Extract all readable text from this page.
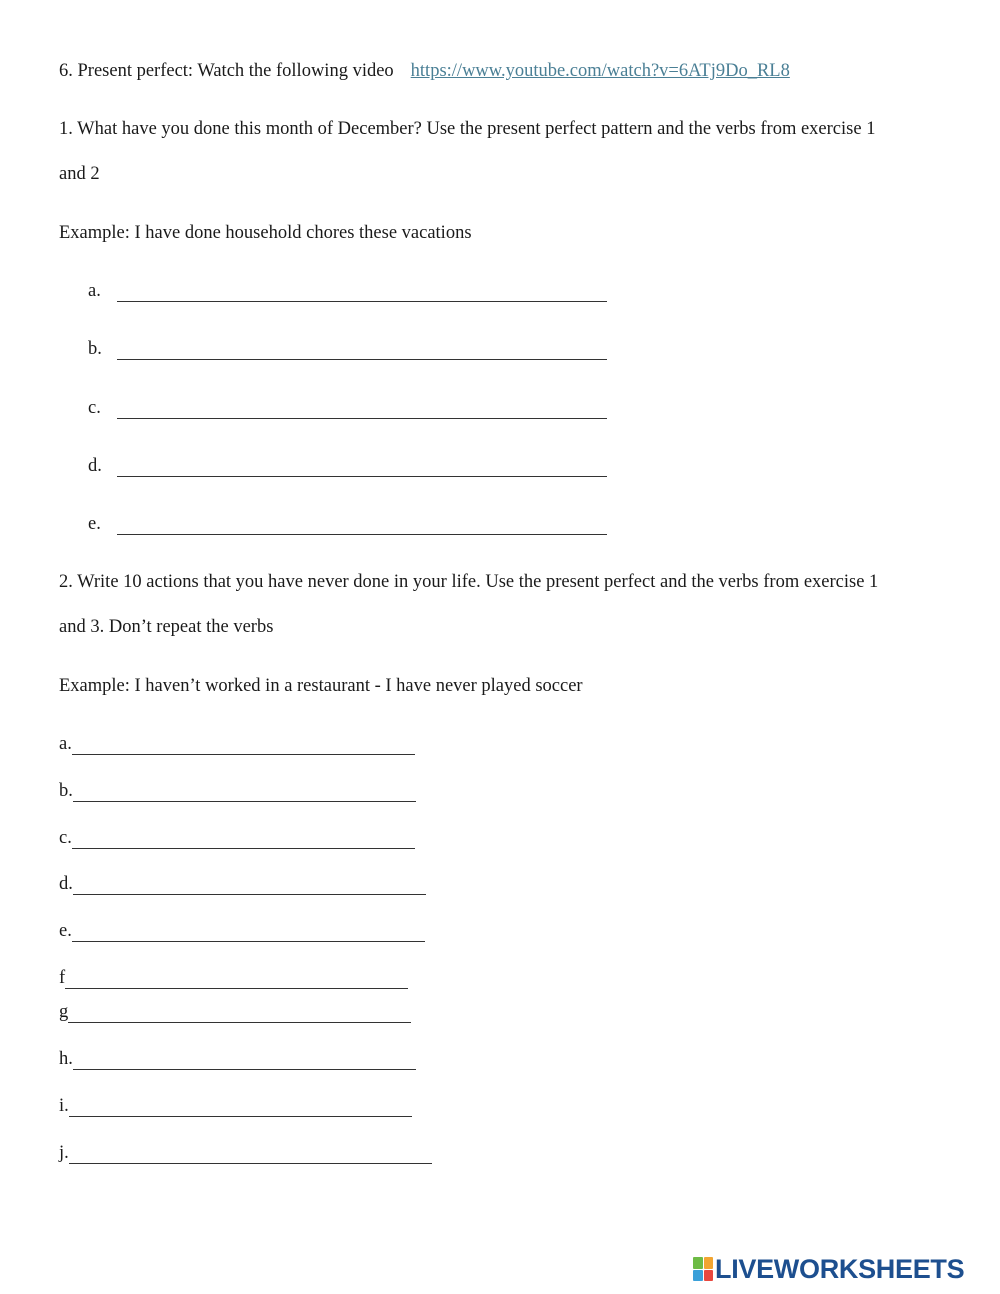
6. Present perfect: Watch the following video https://www.youtube.com/watch?v=6ATj9Do_RL8
1. What have you done this month of December? Use the present perfect pattern and the verbs from exercise 1
and 2
Example: I have done household chores these vacations
a.
b.
c.
d.
e.
2. Write 10 actions that you have never done in your life. Use the present perfect and the verbs from exercise 1
and 3. Don’t repeat the verbs
Example: I haven’t worked in a restaurant - I have never played soccer
a.
b.
c.
d.
e.
f
g
h.
i.
j.
LIVEWORKSHEETS
